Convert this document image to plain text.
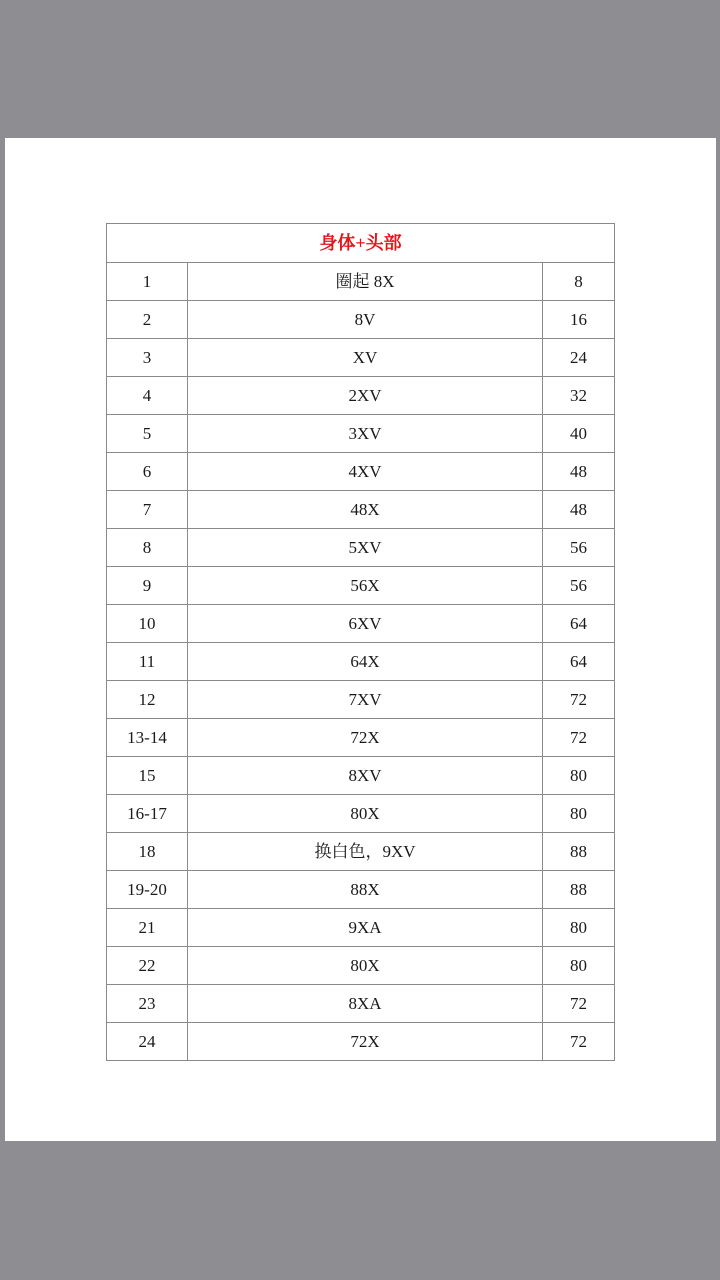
身体+头部		
1	圈起 8X	8
2	8V	16
3	XV	24
4	2XV	32
5	3XV	40
6	4XV	48
7	48X	48
8	5XV	56
9	56X	56
10	6XV	64
11	64X	64
12	7XV	72
13-14	72X	72
15	8XV	80
16-17	80X	80
18	换白色，9XV	88
19-20	88X	88
21	9XA	80
22	80X	80
23	8XA	72
24	72X	72
